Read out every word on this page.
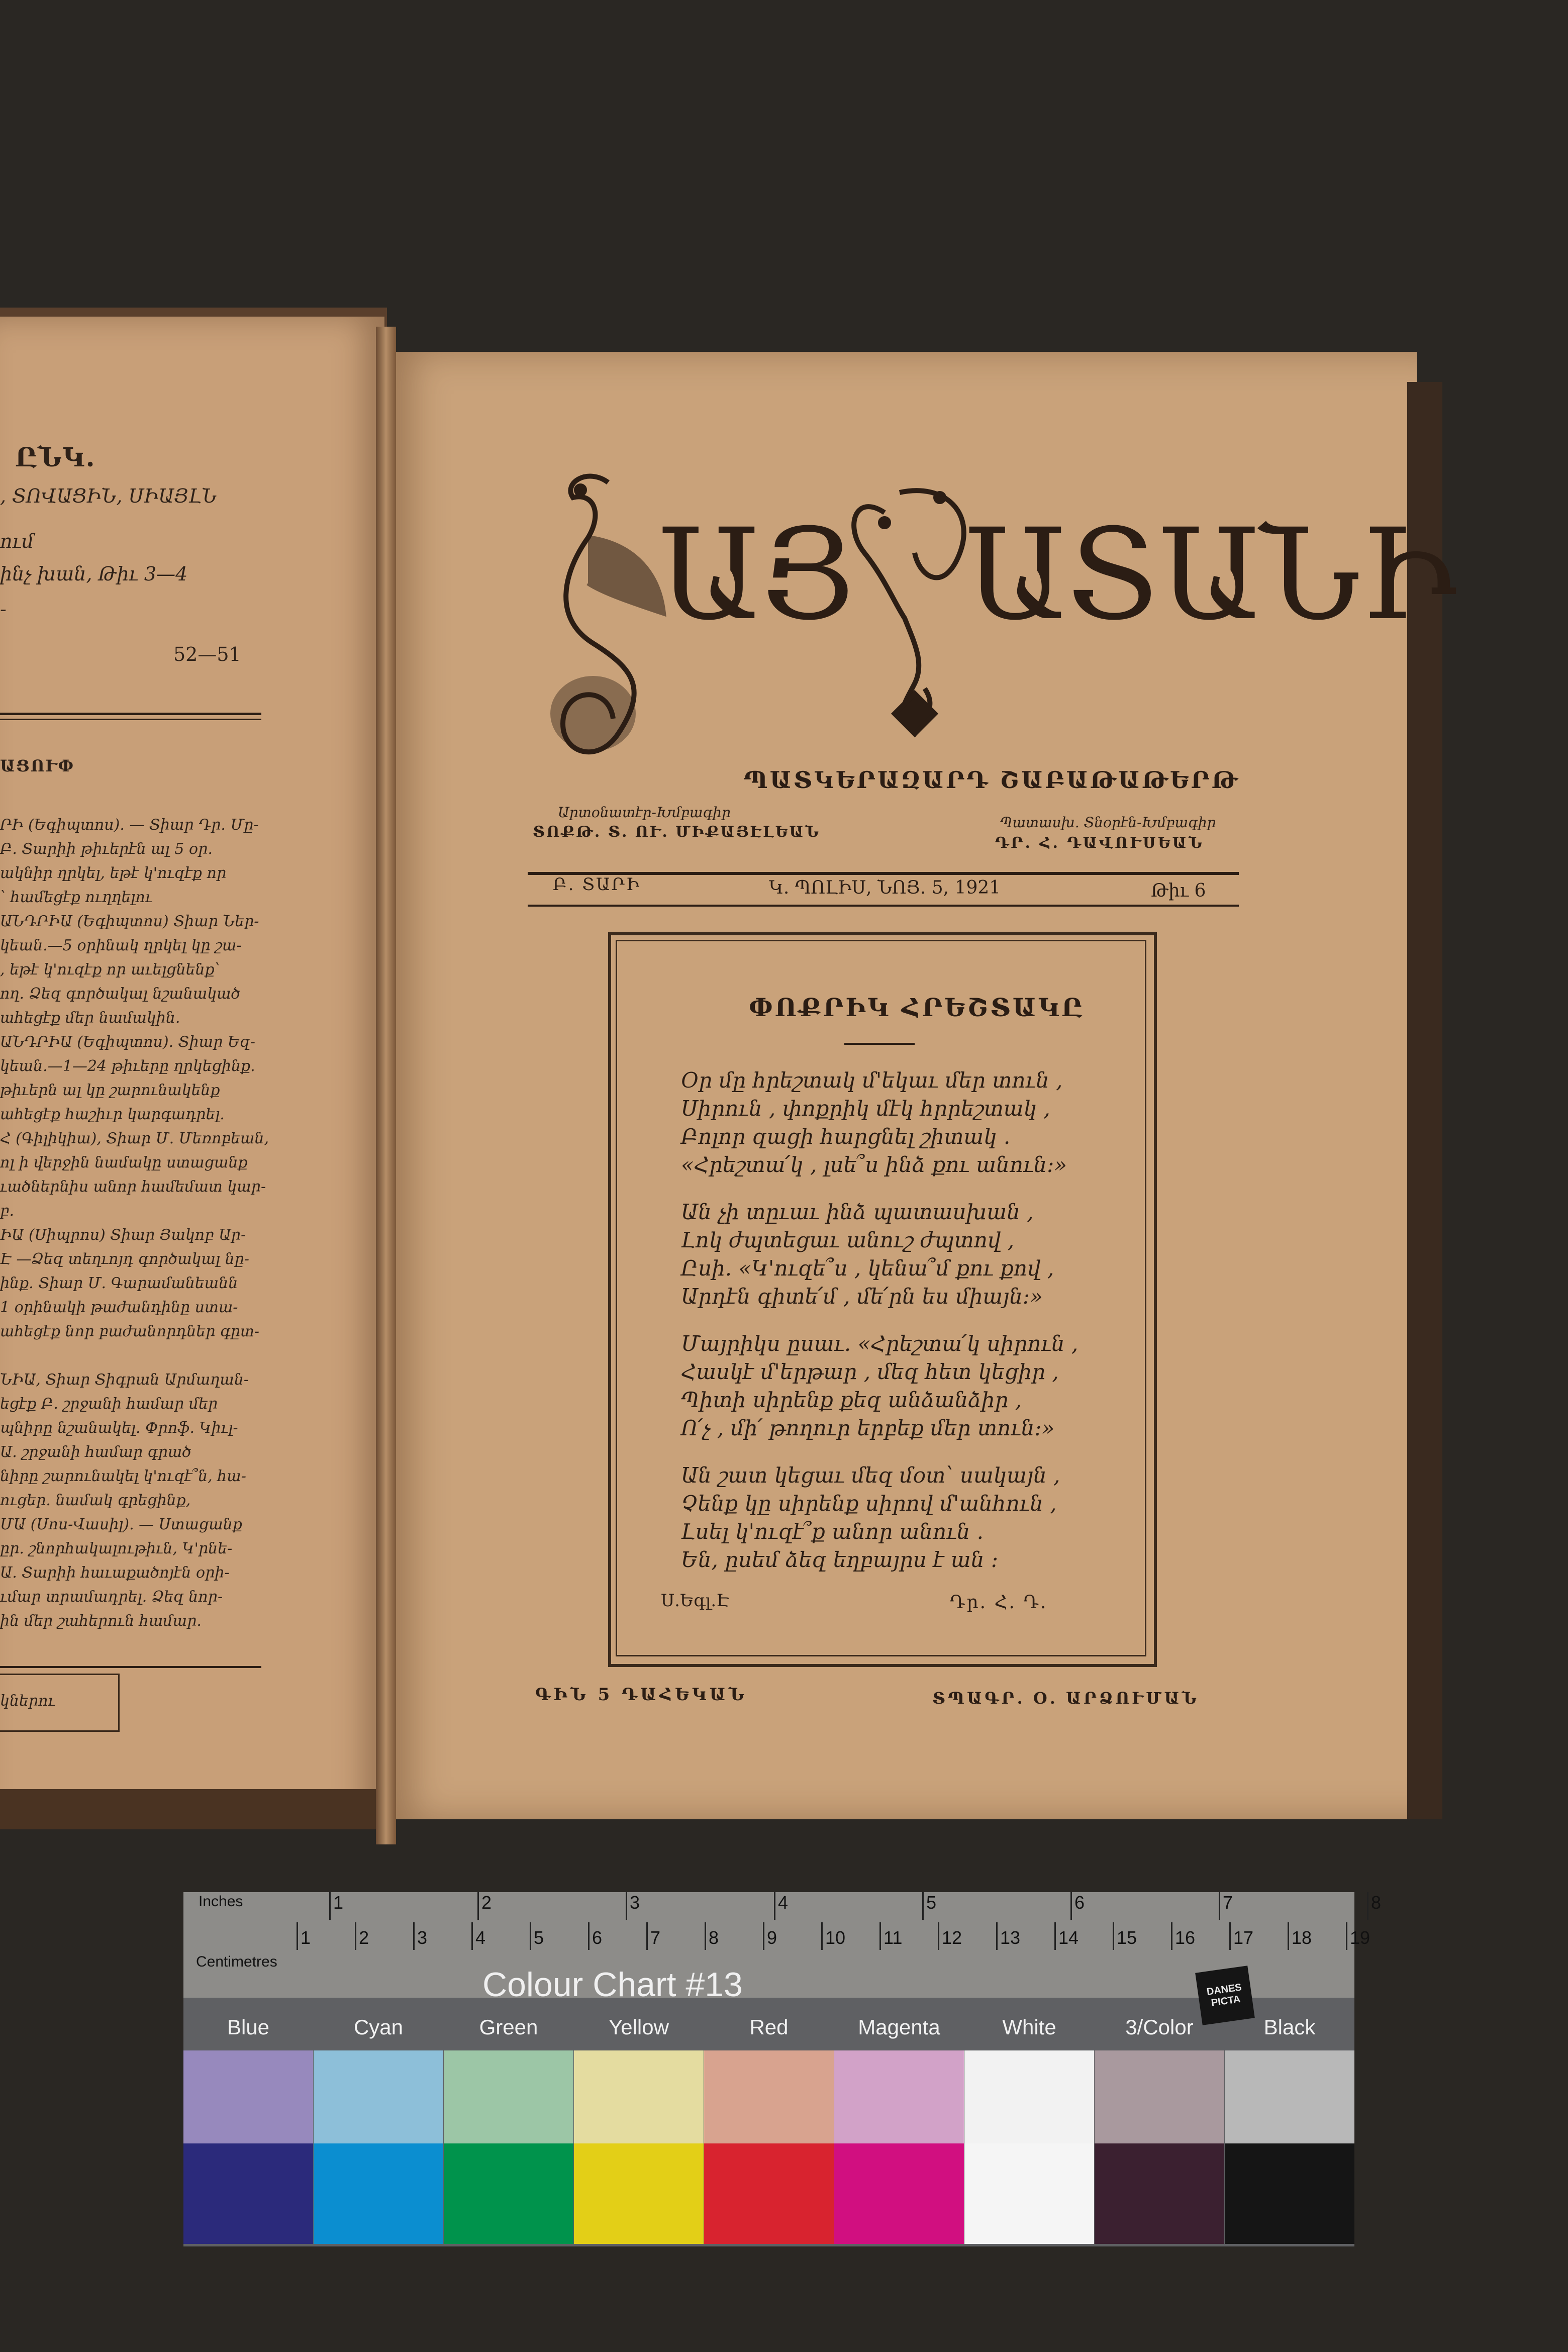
ԸՆԿ.
, ՏՈՎԱՑԻՆ, ՍԻԱՅԼՆ
ում
ինչ խան, Թիւ 3—4
-
52—51
ԱՑՈՒՓ
ՐԻ (Եգիպտոս). — Տիար Դր. Մը-
Բ. Տարիի թիւերէն ալ 5 օր.
ակնիր ղրկել, եթէ կ'ուզէք որ
՝ համեցէք ուղղելու
ԱՆԴՐԻԱ (Եգիպտոս) Տիար Ներ-
կեան.—5 օրինակ ղրկել կը շա-
, եթէ կ'ուզէք որ աւելցնենք՝
ող. Ձեզ գործակալ նշանակած
ահեցէք մեր նամակին.
ԱՆԴՐԻԱ (Եգիպտոս). Տիար Եզ-
կեան.—1—24 թիւերը ղրկեցինք.
թիւերն ալ կը շարունակենք
ահեցէք հաշիւր կարգադրել.
Հ (Գիլիկիա), Տիար Մ. Մեռոբեան,
ոլ ի վերջին նամակը ստացանք
ւածներնիս անոր համեմատ կար-
բ.
ԻԱ (Սիպրոս) Տիար Յակոբ Ար-
Է —Ձեզ տեղւոյդ գործակալ նը-
ինք. Տիար Մ. Գարամանեանն
1 օրինակի թաժանդինը ստա-
ահեցէք նոր բաժանորդներ գըտ-
ՆԻԱ, Տիար Տիգրան Արմաղան-
եցէք Բ. շրջանի համար մեր
պնիրը նշանակել. Փրոֆ. Կիւլ-
Ա. շրջանի համար գրած
նիրը շարունակել կ'ուզէ՞ն, հա-
ուցեր. նամակ գրեցինք,
ՄԱ (Սոս-Վասիլ). — Ստացանք
ըր. շնորհակալութիւն, Կ'րնե-
Ա. Տարիի հաւաքածոյէն օրի-
ւմար տրամադրել. Ձեզ նոր-
ին մեր շահերուն համար.
կներու
ԱՅ ԱՏԱՆԻ
ՊԱՏԿԵՐԱԶԱՐԴ ՇԱԲԱԹԱԹԵՐԹ
Արտօնատէր-Խմբագիր
ՏՈՔԹ. Տ. ՈՒ. ՄԻՔԱՅԷԼԵԱՆ
Պատասխ. Տնօրէն-Խմբագիր
ԴՐ. Հ. ԴԱՎՈՒՍԵԱՆ
Բ. ՏԱՐԻ	Կ. ՊՈԼԻՍ, ՆՈՅ. 5, 1921	Թիւ 6
ՓՈՔՐԻԿ ՀՐԵՇՏԱԿԸ
Օր մը հրեշտակ մ'եկաւ մեր տուն ,
Սիրուն , փոքրիկ մէկ հրրեշտակ ,
Բոլոր զացի հարցնել շիտակ .
«Հրեշտա՛կ , լսե՞ս ինձ քու անուն:»
Ան չի տըւաւ ինձ պատասխան ,
Լոկ ժպտեցաւ անուշ ժպտով ,
Ըսի. «Կ'ուզե՞ս , կենա՞մ քու քով ,
Արդէն գիտե՛մ , մե՛րն ես միայն:»
Մայրիկս ըսաւ. «Հրեշտա՛կ սիրուն ,
Հասկէ մ'երթար , մեզ հետ կեցիր ,
Պիտի սիրենք քեզ անձանձիր ,
Ո՛չ , մի՛ թողուր երբեք մեր տուն:»
Ան շատ կեցաւ մեզ մօտ՝ սակայն ,
Չենք կը սիրենք սիրով մ'անհուն ,
Լսել կ'ուզէ՞ք անոր անուն .
Են, ըսեմ ձեզ եղբայրս է ան :
Ս.Եգլ.Է	Դր. Հ. Դ.
ԳԻՆ 5 ԴԱՀԵԿԱՆ	ՏՊԱԳՐ. Օ. ԱՐՁՈՒՄԱՆ
Inches
Centimetres
1	2	3	4	5	6	7	8
1	2	3	4	5	6	7	8	9	10 11 12 13 14 15 16 17 18 19
Colour Chart #13	DANES PICTA
Blue	Cyan	Green	Yellow	Red	Magenta	White	3/Color	Black
